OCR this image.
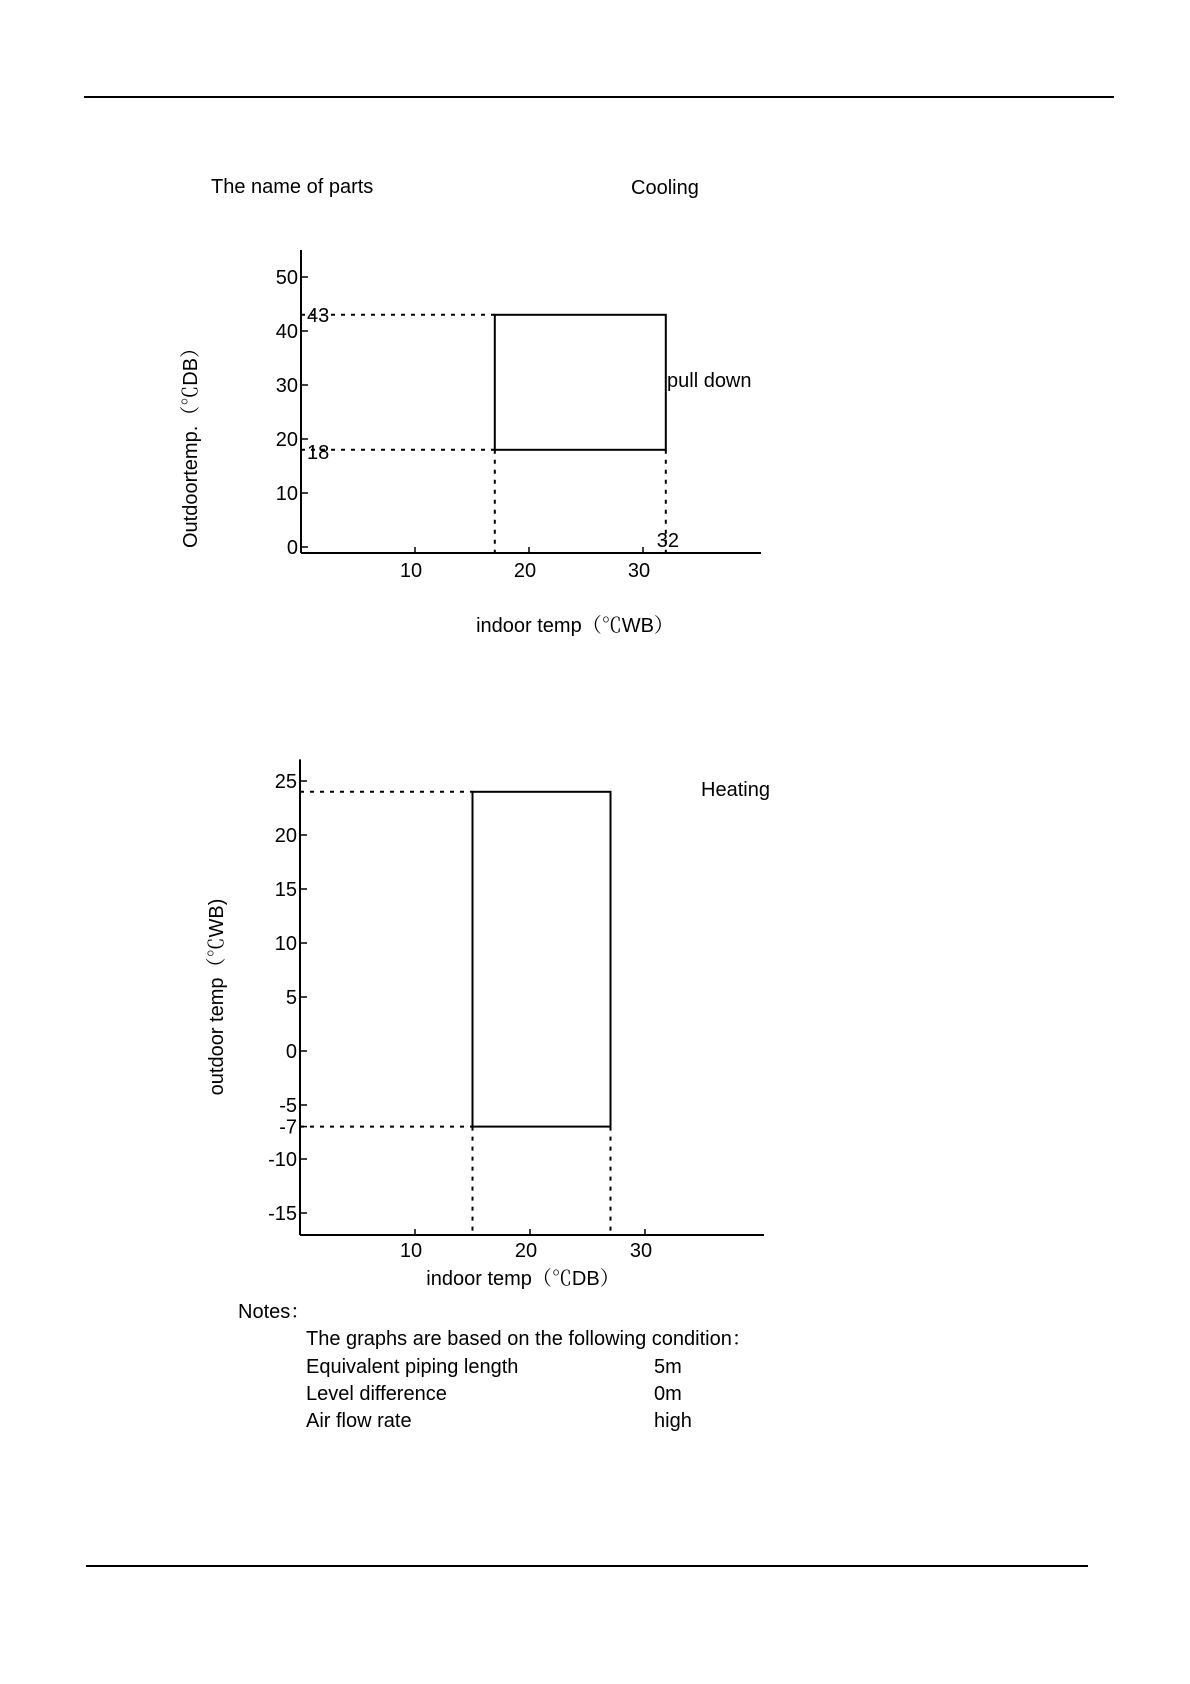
The name of parts	Cooling
0
10
20
30
40
50
10	20	30
indoor temp（℃WB）
Outdoortemp.（℃DB）
43
18
32
pull down
25
20
15
10
5
0
-5
-7
-10
-15
10	20	30
indoor temp（℃DB）
outdoor temp（℃WB)
Heating
Notes：
The graphs are based on the following condition：
Equivalent piping length	5m
Level difference	0m
Air flow rate	high
